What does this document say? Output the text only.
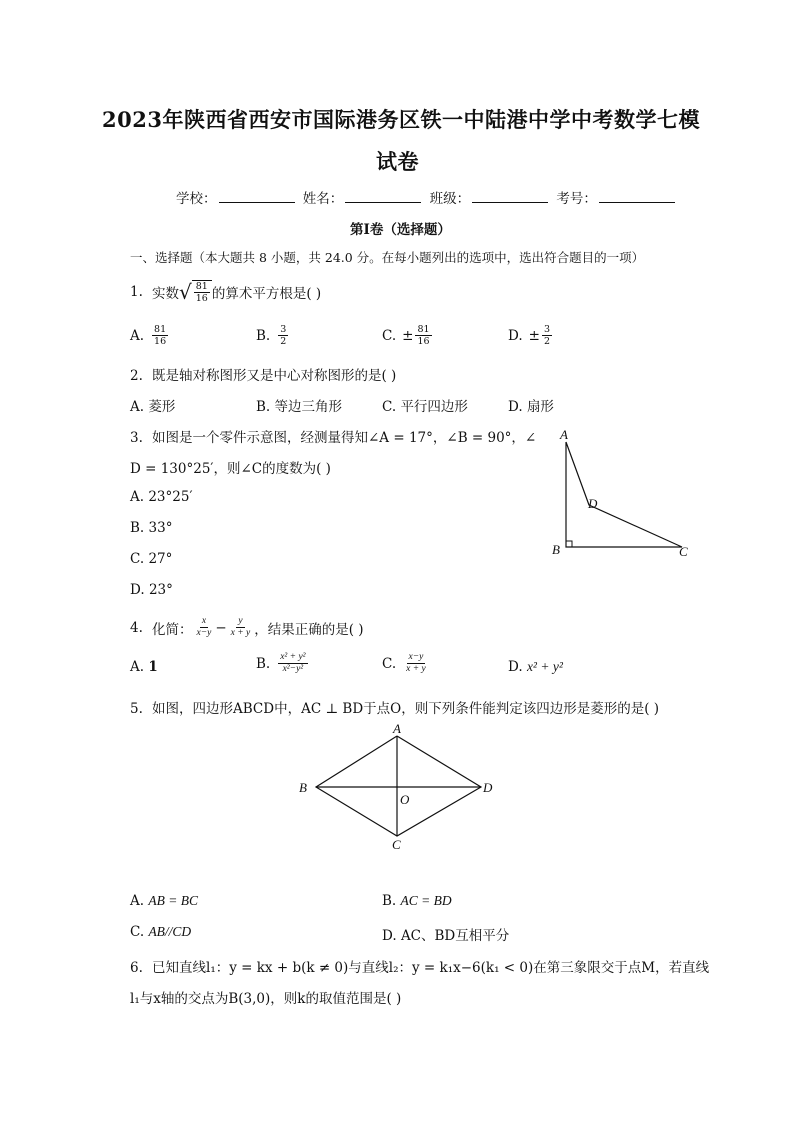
2023年陕西省西安市国际港务区铁一中陆港中学中考数学七模
试卷
学校：	姓名：	班级：	考号：
第I卷（选择题）
一、选择题（本大题共 8 小题，共 24.0 分。在每小题列出的选项中，选出符合题目的一项）
1. 实数 √ $\frac{81}{16}$ 的算术平方根是( )
A. $\frac{81}{16}$	B. $\frac{3}{2}$	C. ± $\frac{81}{16}$	D. ± $\frac{3}{2}$
2. 既是轴对称图形又是中心对称图形的是( )
A. 菱形	B. 等边三角形	C. 平行四边形	D. 扇形
3. 如图是一个零件示意图，经测量得知∠A = 17°，∠B = 90°，∠
D = 130°25′，则∠C的度数为( )
A. 23°25′
B. 33°
C. 27°
D. 23°
A
D
B	C
4. 化简： $\frac{x}{x-y} - \frac{y}{x + y}$ ，结果正确的是( )
A. 1	B. $\frac{\text{x² + y²}}{\text{x²−y²}}$	C. $\frac{x-y}{x + y}$	D. x² + y²
5. 如图，四边形ABCD中，AC ⊥ BD于点O，则下列条件能判定该四边形是菱形的是( )
A
B
O
D
C
A. AB = BC	B. AC = BD
C. AB//CD	D. AC、BD互相平分
6. 已知直线l₁：y = kx + b(k ≠ 0)与直线l₂：y = k₁x−6(k₁ < 0)在第三象限交于点M，若直线
l₁与x轴的交点为B(3,0)，则k的取值范围是( )
